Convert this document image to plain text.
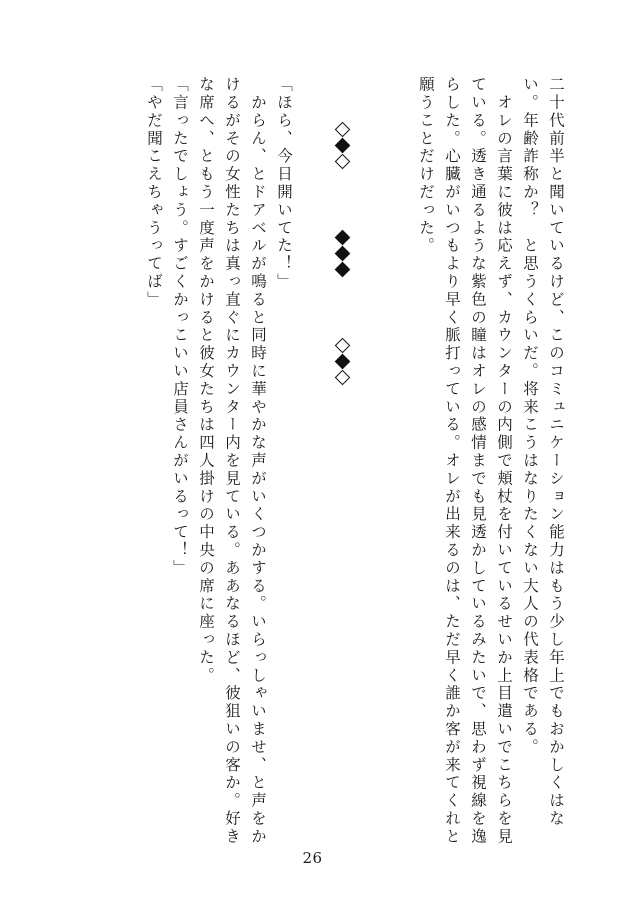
二十代前半と聞いているけど、このコミュニケーション能力はもう少し年上でもおかしくはな

い。年齢詐称か？　と思うくらいだ。将来こうはなりたくない大人の代表格である。

　オレの言葉に彼は応えず、カウンターの内側で頬杖を付いているせいか上目遣いでこちらを見

ている。透き通るような紫色の瞳はオレの感情までも見透かしているみたいで、思わず視線を逸

らした。心臓がいつもより早く脈打っている。オレが出来るのは、ただ早く誰か客が来てくれと

願うことだけだった。

「ほら、今日開いてた！」

　からん、とドアベルが鳴ると同時に華やかな声がいくつかする。いらっしゃいませ、と声をか

けるがその女性たちは真っ直ぐにカウンター内を見ている。ああなるほど、彼狙いの客か。好き

な席へ、ともう一度声をかけると彼女たちは四人掛けの中央の席に座った。

「言ったでしょう。すごくかっこいい店員さんがいるって！」

「やだ聞こえちゃうってば」

26
